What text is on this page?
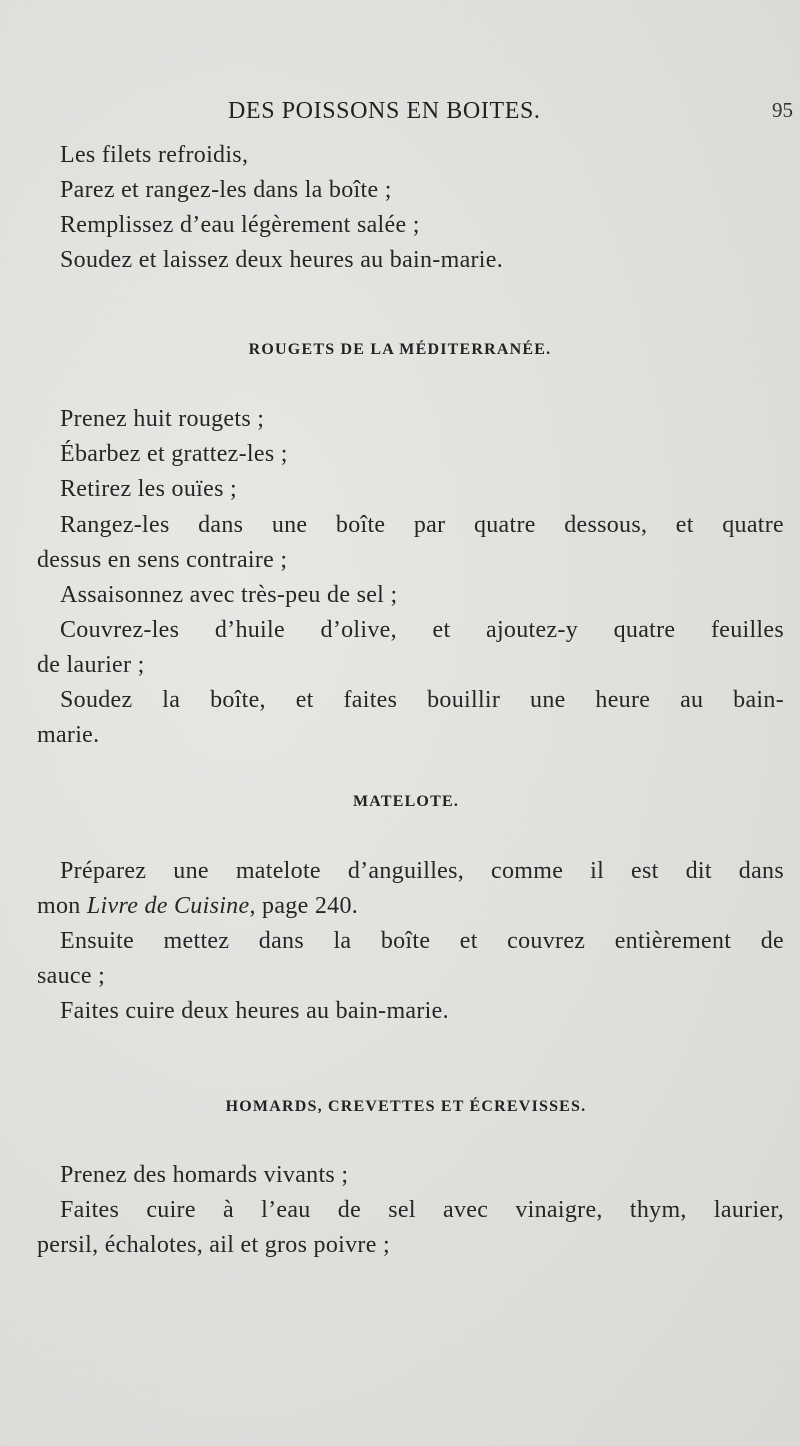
DES POISSONS EN BOITES.	95
Les filets refroidis,
Parez et rangez-les dans la boîte ;
Remplissez d’eau légèrement salée ;
Soudez et laissez deux heures au bain-marie.
ROUGETS DE LA MÉDITERRANÉE.
Prenez huit rougets ;
Ébarbez et grattez-les ;
Retirez les ouïes ;
Rangez-les dans une boîte par quatre dessous, et quatre
dessus en sens contraire ;
Assaisonnez avec très-peu de sel ;
Couvrez-les d’huile d’olive, et ajoutez-y quatre feuilles
de laurier ;
Soudez la boîte, et faites bouillir une heure au bain-
marie.
MATELOTE.
Préparez une matelote d’anguilles, comme il est dit dans
mon Livre de Cuisine, page 240.
Ensuite mettez dans la boîte et couvrez entièrement de
sauce ;
Faites cuire deux heures au bain-marie.
HOMARDS, CREVETTES ET ÉCREVISSES.
Prenez des homards vivants ;
Faites cuire à l’eau de sel avec vinaigre, thym, laurier,
persil, échalotes, ail et gros poivre ;
